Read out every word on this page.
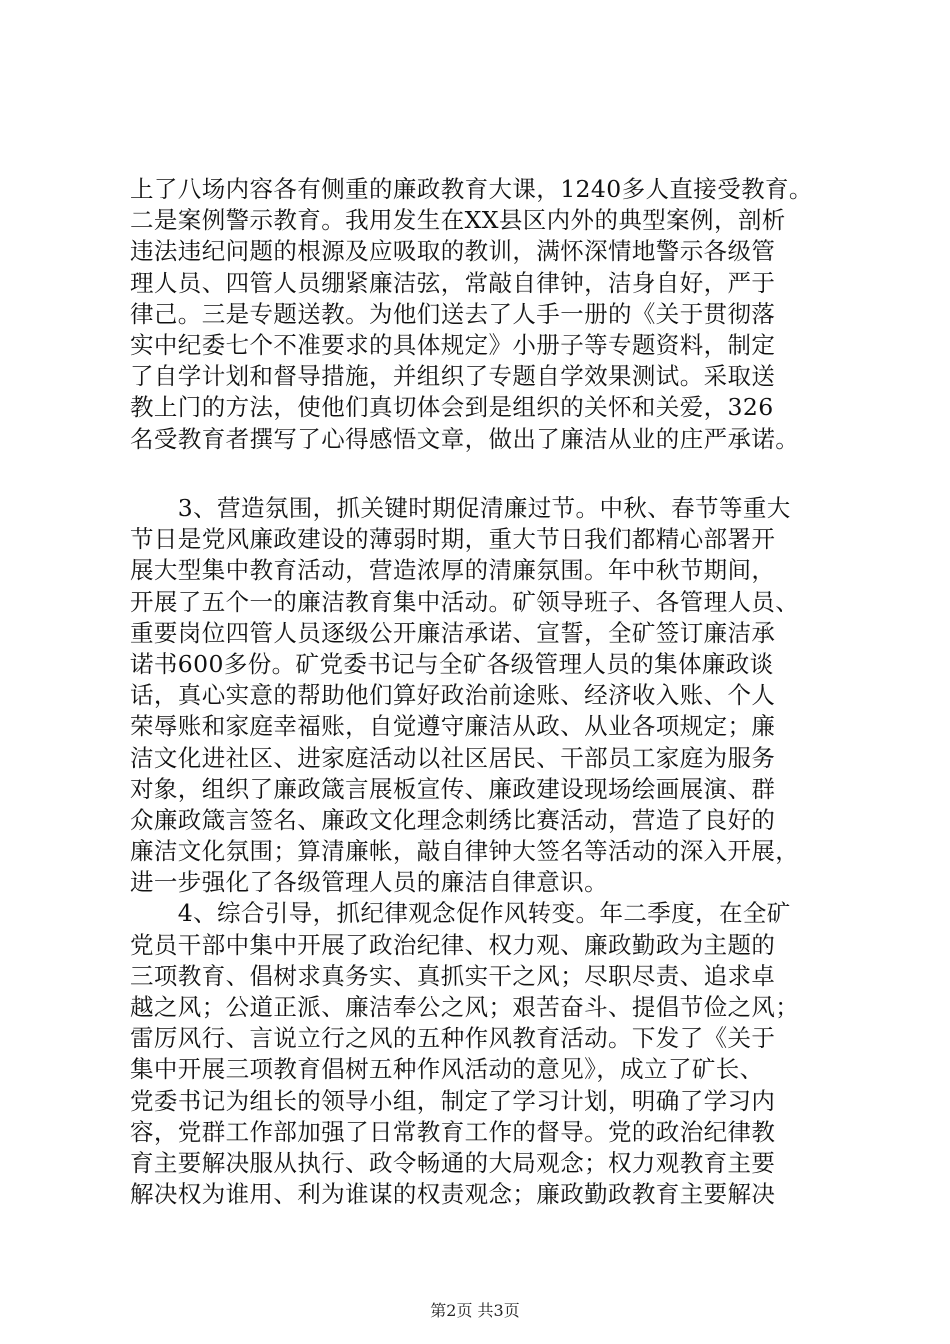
上了八场内容各有侧重的廉政教育大课，1240多人直接受教育。
二是案例警示教育。我用发生在XX县区内外的典型案例，剖析
违法违纪问题的根源及应吸取的教训，满怀深情地警示各级管
理人员、四管人员绷紧廉洁弦，常敲自律钟，洁身自好，严于
律己。三是专题送教。为他们送去了人手一册的《关于贯彻落
实中纪委七个不准要求的具体规定》小册子等专题资料，制定
了自学计划和督导措施，并组织了专题自学效果测试。采取送
教上门的方法，使他们真切体会到是组织的关怀和关爱，326
名受教育者撰写了心得感悟文章，做出了廉洁从业的庄严承诺。
　　3、营造氛围，抓关键时期促清廉过节。中秋、春节等重大
节日是党风廉政建设的薄弱时期，重大节日我们都精心部署开
展大型集中教育活动，营造浓厚的清廉氛围。年中秋节期间，
开展了五个一的廉洁教育集中活动。矿领导班子、各管理人员、
重要岗位四管人员逐级公开廉洁承诺、宣誓，全矿签订廉洁承
诺书600多份。矿党委书记与全矿各级管理人员的集体廉政谈
话，真心实意的帮助他们算好政治前途账、经济收入账、个人
荣辱账和家庭幸福账，自觉遵守廉洁从政、从业各项规定；廉
洁文化进社区、进家庭活动以社区居民、干部员工家庭为服务
对象，组织了廉政箴言展板宣传、廉政建设现场绘画展演、群
众廉政箴言签名、廉政文化理念刺绣比赛活动，营造了良好的
廉洁文化氛围；算清廉帐，敲自律钟大签名等活动的深入开展，
进一步强化了各级管理人员的廉洁自律意识。
　　4、综合引导，抓纪律观念促作风转变。年二季度，在全矿
党员干部中集中开展了政治纪律、权力观、廉政勤政为主题的
三项教育、倡树求真务实、真抓实干之风；尽职尽责、追求卓
越之风；公道正派、廉洁奉公之风；艰苦奋斗、提倡节俭之风；
雷厉风行、言说立行之风的五种作风教育活动。下发了《关于
集中开展三项教育倡树五种作风活动的意见》，成立了矿长、
党委书记为组长的领导小组，制定了学习计划，明确了学习内
容，党群工作部加强了日常教育工作的督导。党的政治纪律教
育主要解决服从执行、政令畅通的大局观念；权力观教育主要
解决权为谁用、利为谁谋的权责观念；廉政勤政教育主要解决
第2页 共3页
